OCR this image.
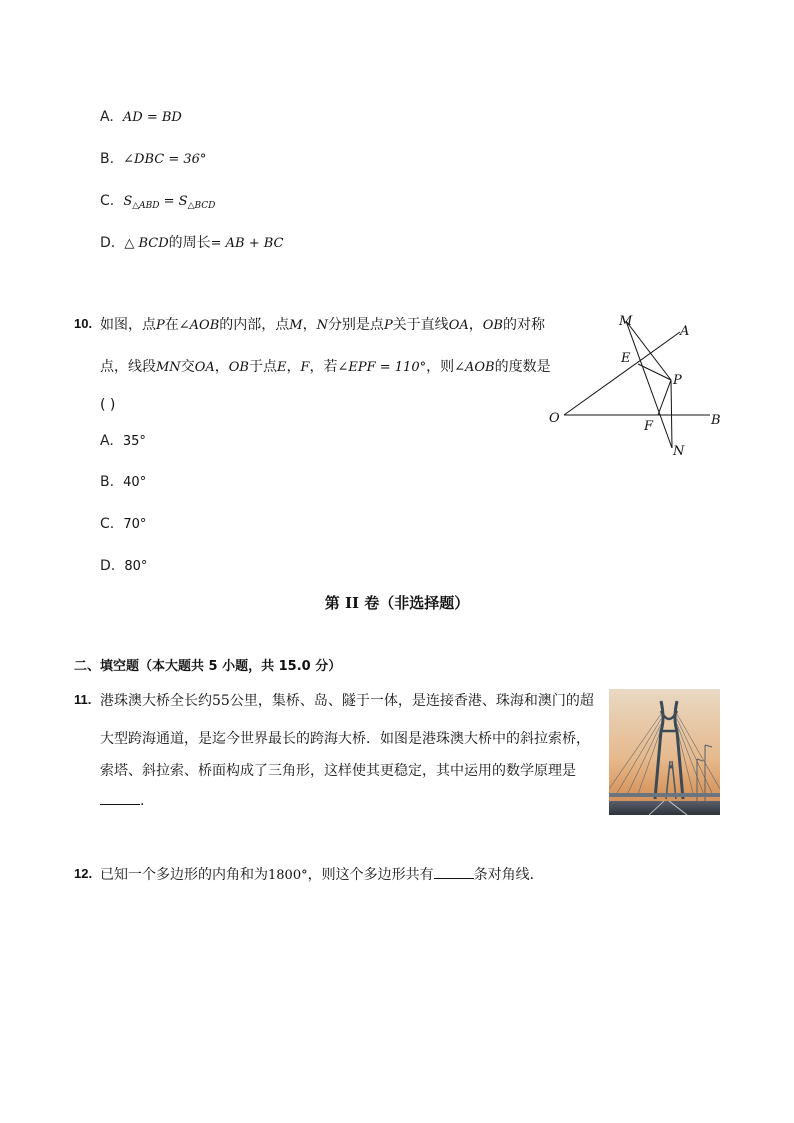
A. AD = BD
B. ∠DBC = 36°
C. $S_{\triangle ABD} = S_{\triangle BCD}$
D. △ BCD的周长= AB + BC
10. 如图，点P在∠AOB的内部，点M，N分别是点P关于直线OA，OB的对称
点，线段MN交OA，OB于点E，F，若∠EPF = 110°，则∠AOB的度数是
( )
A. 35°
B. 40°
C. 70°
D. 80°
M
A
E
P
O
F	B
N
第 II 卷（非选择题）
二、填空题（本大题共 5 小题，共 15.0 分）
11. 港珠澳大桥全长约55公里，集桥、岛、隧于一体，是连接香港、珠海和澳门的超
大型跨海通道，是迄今世界最长的跨海大桥．如图是港珠澳大桥中的斜拉索桥，
索塔、斜拉索、桥面构成了三角形，这样使其更稳定，其中运用的数学原理是
.
12. 已知一个多边形的内角和为1800°，则这个多边形共有	条对角线．
